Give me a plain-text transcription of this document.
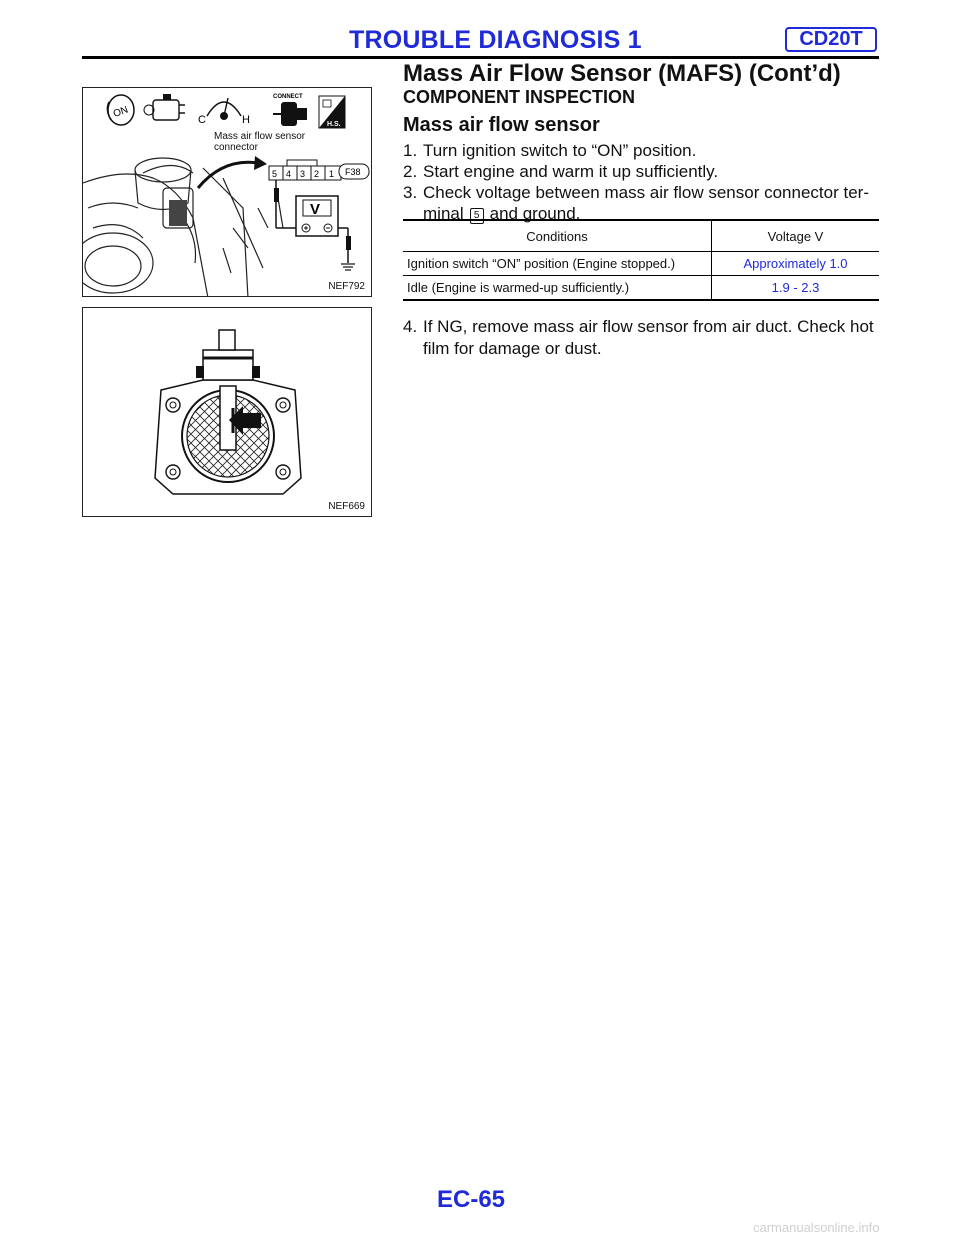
TROUBLE DIAGNOSIS 1	CD20T
Mass Air Flow Sensor (MAFS) (Cont’d)
ON
C	H
CONNECT
H.S.
5 4 3 2 1 F38
V
Mass air flow sensor
connector
NEF792
NEF669
COMPONENT INSPECTION
Mass air flow sensor
1. Turn ignition switch to “ON” position.
2. Start engine and warm it up sufficiently.
3. Check voltage between mass air flow sensor connector ter-minal 5 and ground.
Conditions	Voltage V
Ignition switch “ON” position (Engine stopped.)	Approximately 1.0
Idle (Engine is warmed-up sufficiently.)	1.9 - 2.3
4. If NG, remove mass air flow sensor from air duct. Check hot film for damage or dust.
EC-65
carmanualsonline.info
